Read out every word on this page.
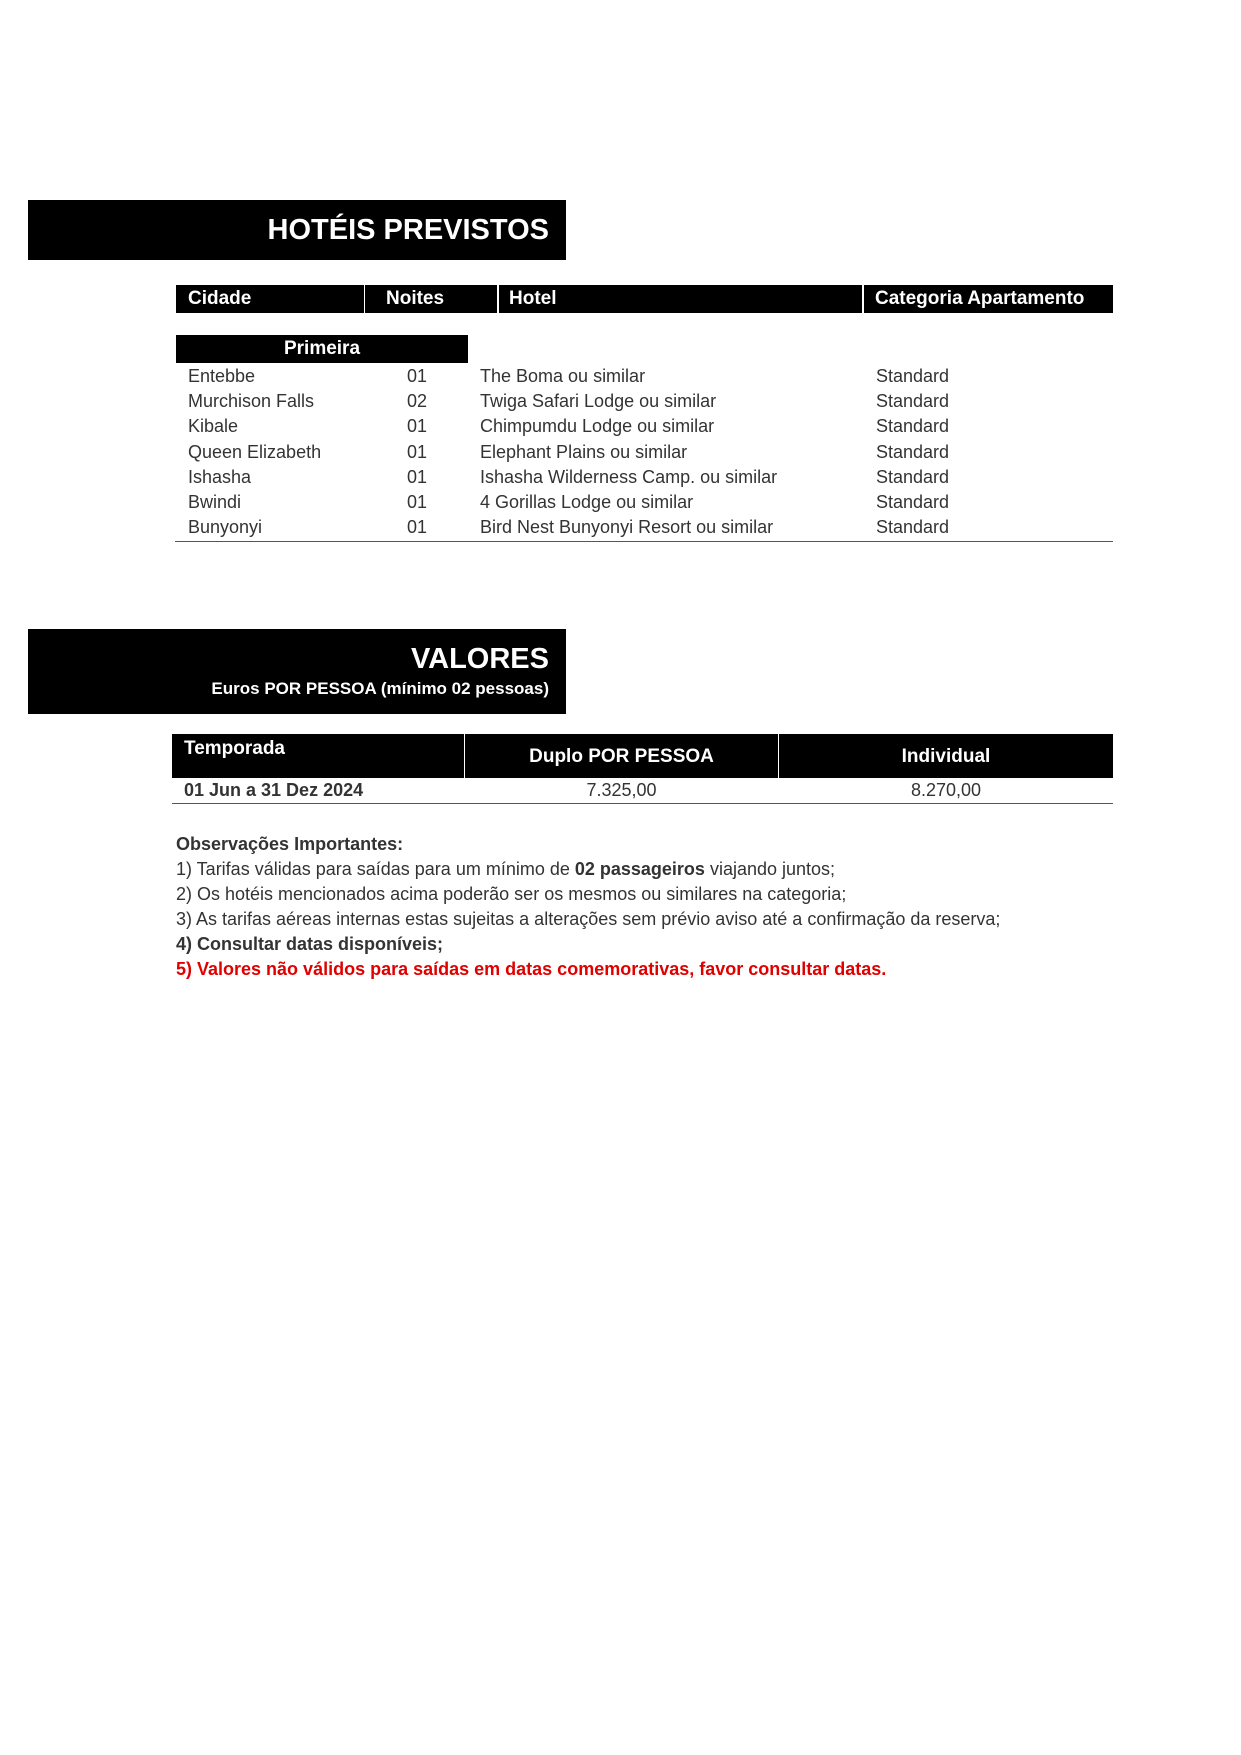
HOTÉIS PREVISTOS
Cidade	Noites	Hotel	Categoria Apartamento
Primeira
Entebbe	01	The Boma ou similar	Standard
Murchison Falls	02	Twiga Safari Lodge ou similar	Standard
Kibale	01	Chimpumdu Lodge ou similar	Standard
Queen Elizabeth	01	Elephant Plains ou similar	Standard
Ishasha	01	Ishasha Wilderness Camp. ou similar	Standard
Bwindi	01	4 Gorillas Lodge ou similar	Standard
Bunyonyi	01	Bird Nest Bunyonyi Resort ou similar	Standard
VALORES
Euros POR PESSOA (mínimo 02 pessoas)
Temporada	Duplo POR PESSOA	Individual
01 Jun a 31 Dez 2024	7.325,00	8.270,00
Observações Importantes:
1) Tarifas válidas para saídas para um mínimo de 02 passageiros viajando juntos;
2) Os hotéis mencionados acima poderão ser os mesmos ou similares na categoria;
3) As tarifas aéreas internas estas sujeitas a alterações sem prévio aviso até a confirmação da reserva;
4) Consultar datas disponíveis;
5) Valores não válidos para saídas em datas comemorativas, favor consultar datas.
